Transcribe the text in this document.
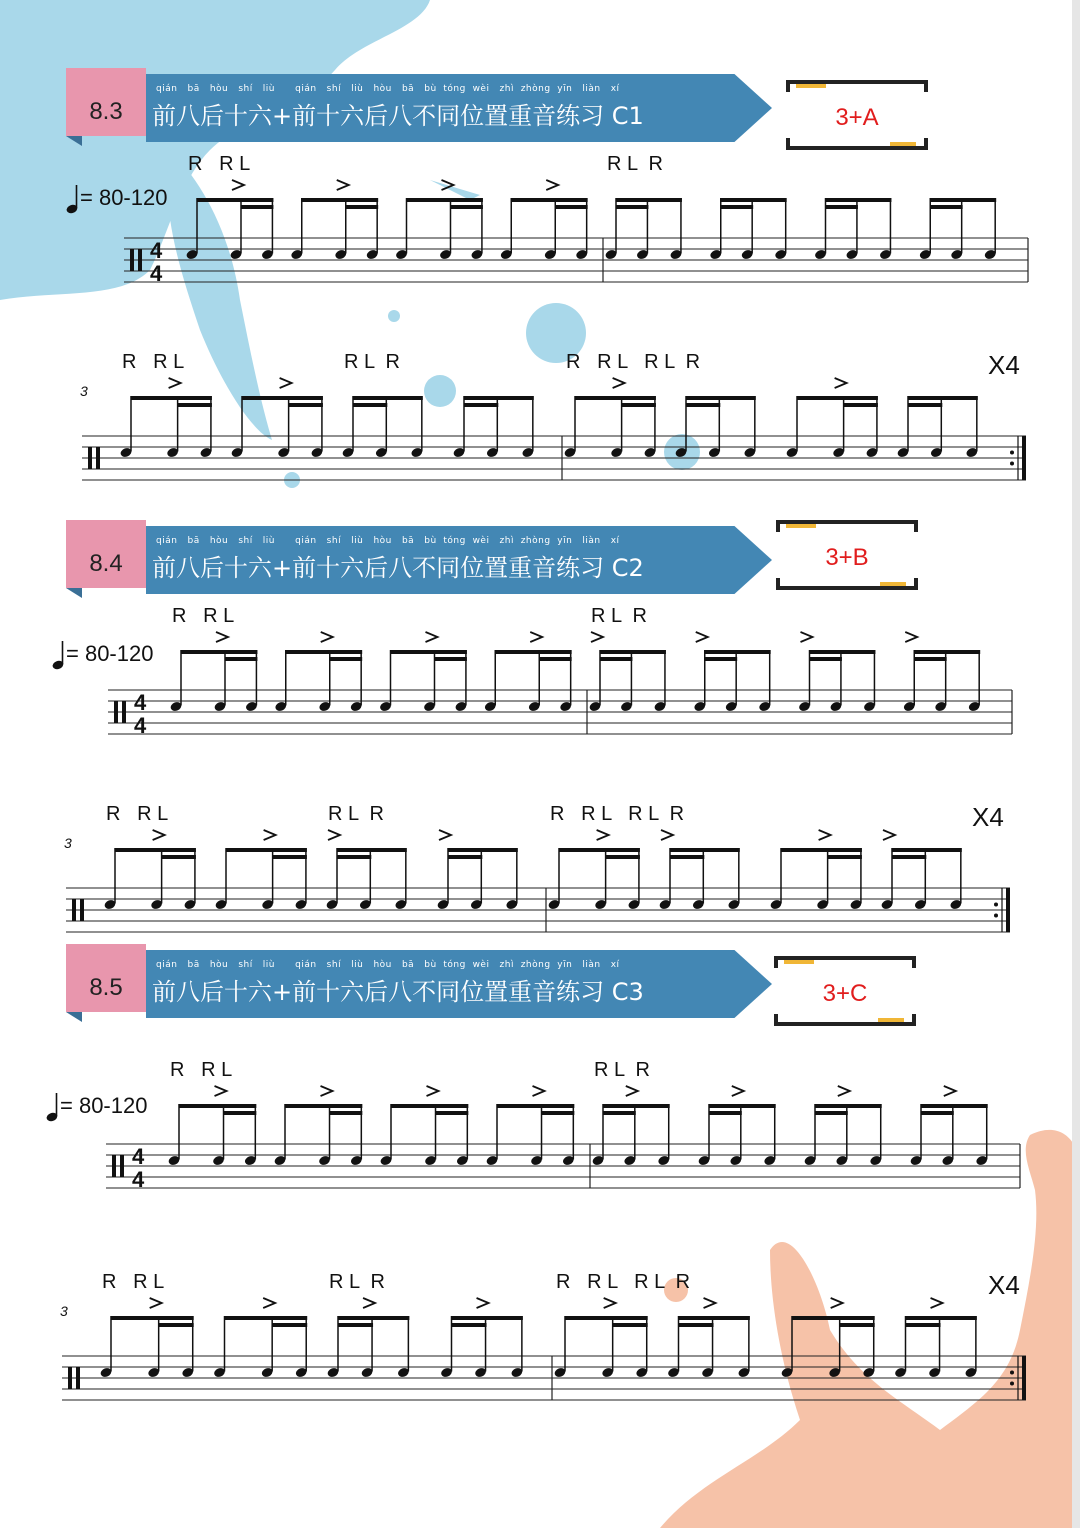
8.3
qián   bā   hòu   shí   liù      qián   shí   liù   hòu   bā   bù  tóng  wèi   zhì  zhòng  yīn   liàn   xí
前八后十六+前十六后八不同位置重音练习 C1	3+A
= 80-120
4
4
R   R L	R L  R
3
R   R L	R L  R	R   R L   R L  R	X4
8.4
qián   bā   hòu   shí   liù      qián   shí   liù   hòu   bā   bù  tóng  wèi   zhì  zhòng  yīn   liàn   xí
前八后十六+前十六后八不同位置重音练习 C2	3+B
= 80-120
4
4
R   R L	R L  R
3
R   R L	R L  R	R   R L   R L  R	X4
8.5
qián   bā   hòu   shí   liù      qián   shí   liù   hòu   bā   bù  tóng  wèi   zhì  zhòng  yīn   liàn   xí
前八后十六+前十六后八不同位置重音练习 C3	3+C
= 80-120
4
4
R   R L	R L  R
3
R   R L	R L  R	R   R L   R L  R	X4
